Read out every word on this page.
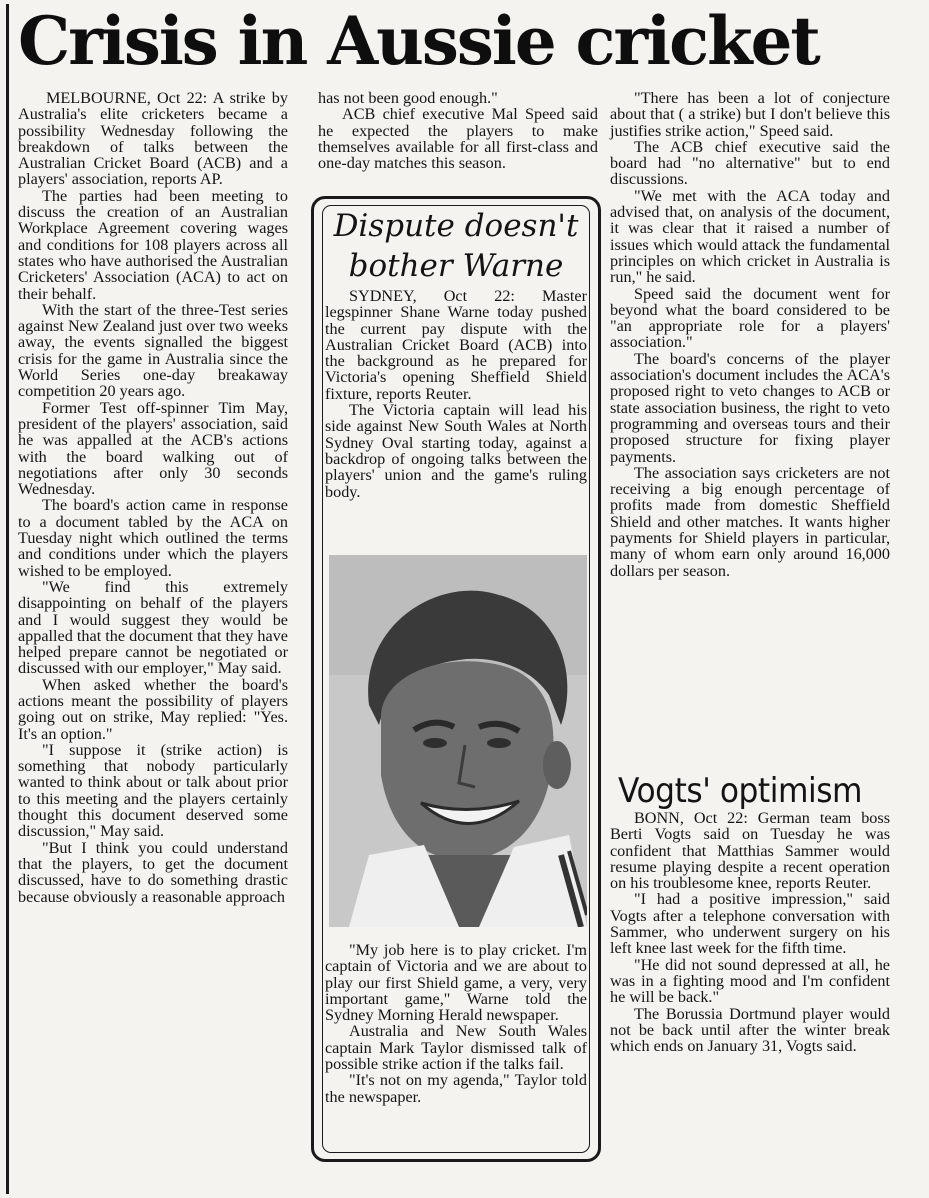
Crisis in Aussie cricket

MELBOURNE, Oct 22: A strike by Australia's elite cricketers became a possibility Wednesday following the breakdown of talks between the Australian Cricket Board (ACB) and a players' association, reports AP.

The parties had been meeting to discuss the creation of an Australian Workplace Agreement covering wages and conditions for 108 players across all states who have authorised the Australian Cricketers' Association (ACA) to act on their behalf.

With the start of the three-Test series against New Zealand just over two weeks away, the events signalled the biggest crisis for the game in Australia since the World Series one-day breakaway competition 20 years ago.

Former Test off-spinner Tim May, president of the players' association, said he was appalled at the ACB's actions with the board walking out of negotiations after only 30 seconds Wednesday.

The board's action came in response to a document tabled by the ACA on Tuesday night which outlined the terms and conditions under which the players wished to be employed.

"We find this extremely disappointing on behalf of the players and I would suggest they would be appalled that the document that they have helped prepare cannot be negotiated or discussed with our employer," May said.

When asked whether the board's actions meant the possibility of players going out on strike, May replied: "Yes. It's an option."

"I suppose it (strike action) is something that nobody particularly wanted to think about or talk about prior to this meeting and the players certainly thought this document deserved some discussion," May said.

"But I think you could understand that the players, to get the document discussed, have to do something drastic because obviously a reasonable approach

has not been good enough."

ACB chief executive Mal Speed said he expected the players to make themselves available for all first-class and one-day matches this season.

Dispute doesn't bother Warne

SYDNEY, Oct 22: Master legspinner Shane Warne today pushed the current pay dispute with the Australian Cricket Board (ACB) into the background as he prepared for Victoria's opening Sheffield Shield fixture, reports Reuter.

The Victoria captain will lead his side against New South Wales at North Sydney Oval starting today, against a backdrop of ongoing talks between the players' union and the game's ruling body.

"My job here is to play cricket. I'm captain of Victoria and we are about to play our first Shield game, a very, very important game," Warne told the Sydney Morning Herald newspaper.

Australia and New South Wales captain Mark Taylor dismissed talk of possible strike action if the talks fail.

"It's not on my agenda," Taylor told the newspaper.

"There has been a lot of conjecture about that ( a strike) but I don't believe this justifies strike action," Speed said.

The ACB chief executive said the board had "no alternative" but to end discussions.

"We met with the ACA today and advised that, on analysis of the document, it was clear that it raised a number of issues which would attack the fundamental principles on which cricket in Australia is run," he said.

Speed said the document went for beyond what the board considered to be "an appropriate role for a players' association."

The board's concerns of the player association's document includes the ACA's proposed right to veto changes to ACB or state association business, the right to veto programming and overseas tours and their proposed structure for fixing player payments.

The association says cricketers are not receiving a big enough percentage of profits made from domestic Sheffield Shield and other matches. It wants higher payments for Shield players in particular, many of whom earn only around 16,000 dollars per season.

Vogts' optimism

BONN, Oct 22: German team boss Berti Vogts said on Tuesday he was confident that Matthias Sammer would resume playing despite a recent operation on his troublesome knee, reports Reuter.

"I had a positive impression," said Vogts after a telephone conversation with Sammer, who underwent surgery on his left knee last week for the fifth time.

"He did not sound depressed at all, he was in a fighting mood and I'm confident he will be back."

The Borussia Dortmund player would not be back until after the winter break which ends on January 31, Vogts said.
